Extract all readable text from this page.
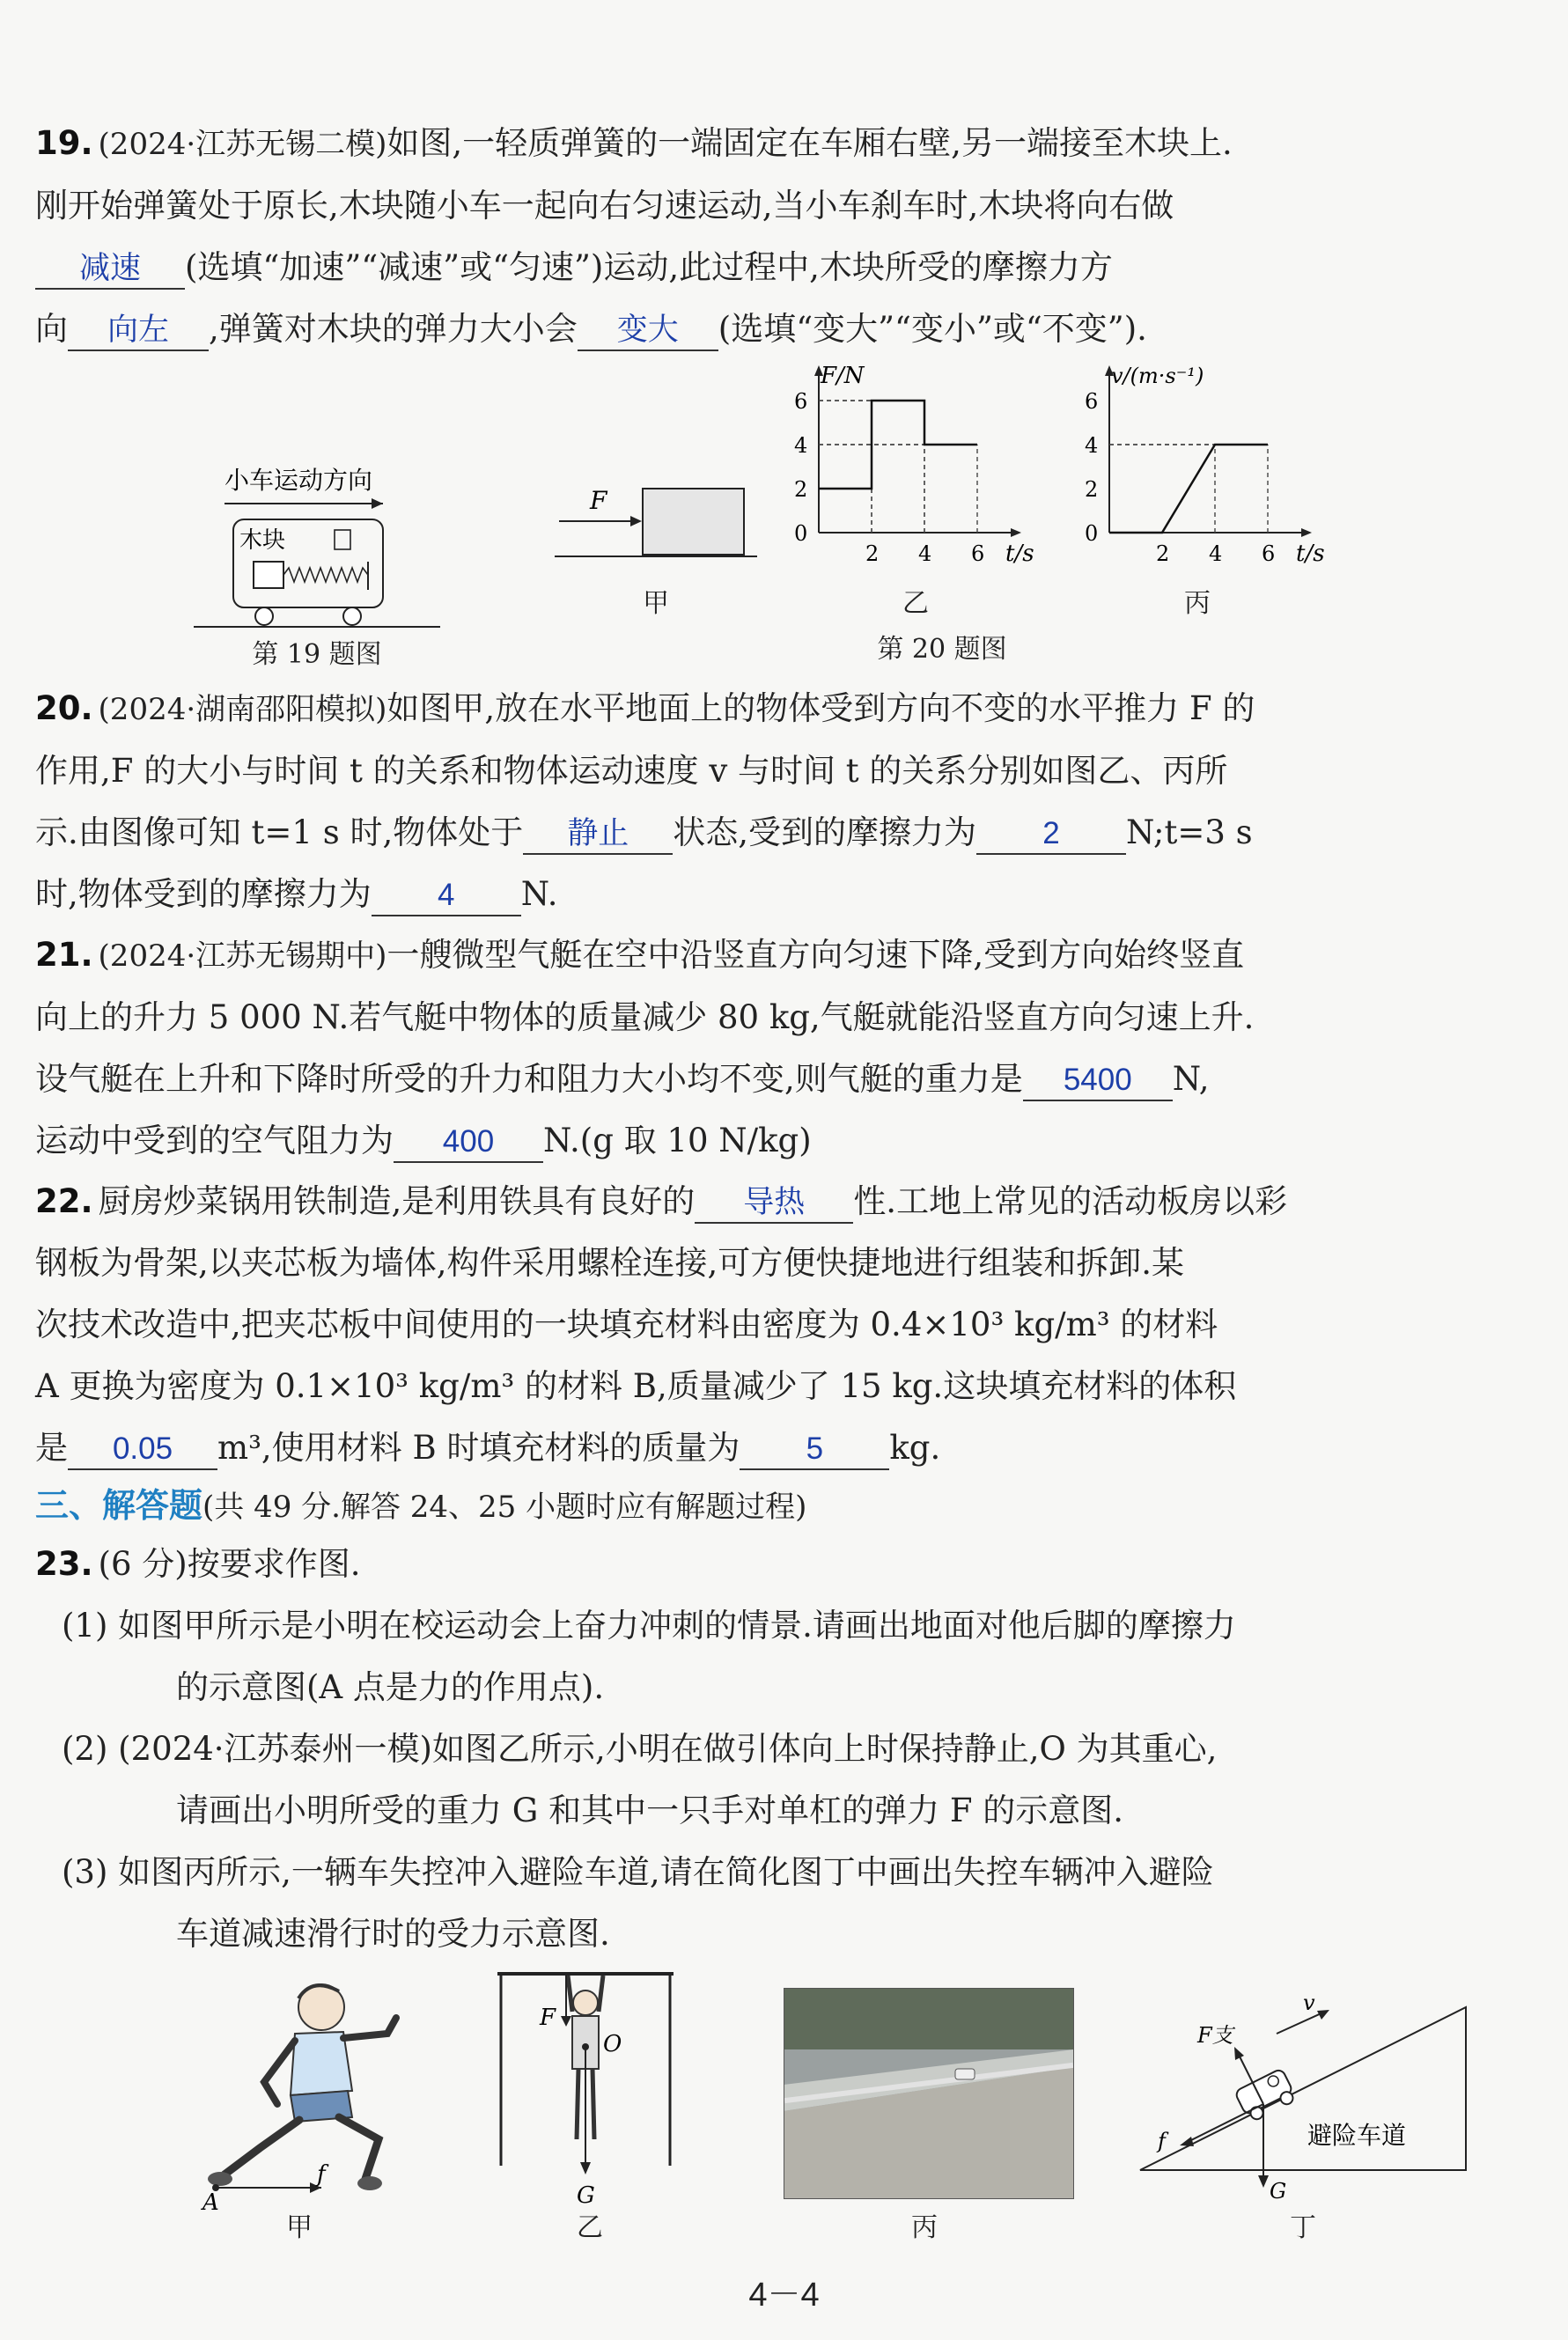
19. (2024·江苏无锡二模)如图,一轻质弹簧的一端固定在车厢右壁,另一端接至木块上.
刚开始弹簧处于原长,木块随小车一起向右匀速运动,当小车刹车时,木块将向右做
减速 (选填“加速”“减速”或“匀速”)运动,此过程中,木块所受的摩擦力方
向 向左 ,弹簧对木块的弹力大小会 变大 (选填“变大”“变小”或“不变”).
小车运动方向
木块
第 19 题图
F
甲
F/N
t/s
6
4
2
0
2 4 6
乙
v/(m·s⁻¹)
t/s
6
4
2
0
2 4 6
丙
第 20 题图
20. (2024·湖南邵阳模拟)如图甲,放在水平地面上的物体受到方向不变的水平推力 F 的
作用,F 的大小与时间 t 的关系和物体运动速度 v 与时间 t 的关系分别如图乙、丙所
示.由图像可知 t=1 s 时,物体处于 静止 状态,受到的摩擦力为 2 N;t=3 s
时,物体受到的摩擦力为 4 N.
21. (2024·江苏无锡期中)一艘微型气艇在空中沿竖直方向匀速下降,受到方向始终竖直
向上的升力 5 000 N.若气艇中物体的质量减少 80 kg,气艇就能沿竖直方向匀速上升.
设气艇在上升和下降时所受的升力和阻力大小均不变,则气艇的重力是 5400 N,
运动中受到的空气阻力为 400 N.(g 取 10 N/kg)
22. 厨房炒菜锅用铁制造,是利用铁具有良好的 导热 性.工地上常见的活动板房以彩
钢板为骨架,以夹芯板为墙体,构件采用螺栓连接,可方便快捷地进行组装和拆卸.某
次技术改造中,把夹芯板中间使用的一块填充材料由密度为 0.4×10³ kg/m³ 的材料
A 更换为密度为 0.1×10³ kg/m³ 的材料 B,质量减少了 15 kg.这块填充材料的体积
是 0.05 m³,使用材料 B 时填充材料的质量为 5 kg.
三、解答题(共 49 分.解答 24、25 小题时应有解题过程)
23. (6 分)按要求作图.
(1) 如图甲所示是小明在校运动会上奋力冲刺的情景.请画出地面对他后脚的摩擦力
的示意图(A 点是力的作用点).
(2) (2024·江苏泰州一模)如图乙所示,小明在做引体向上时保持静止,O 为其重心,
请画出小明所受的重力 G 和其中一只手对单杠的弹力 F 的示意图.
(3) 如图丙所示,一辆车失控冲入避险车道,请在简化图丁中画出失控车辆冲入避险
车道减速滑行时的受力示意图.
A
f
甲
O
F
G
乙	丙
F支
G
f
v
避险车道
丁
4－4
